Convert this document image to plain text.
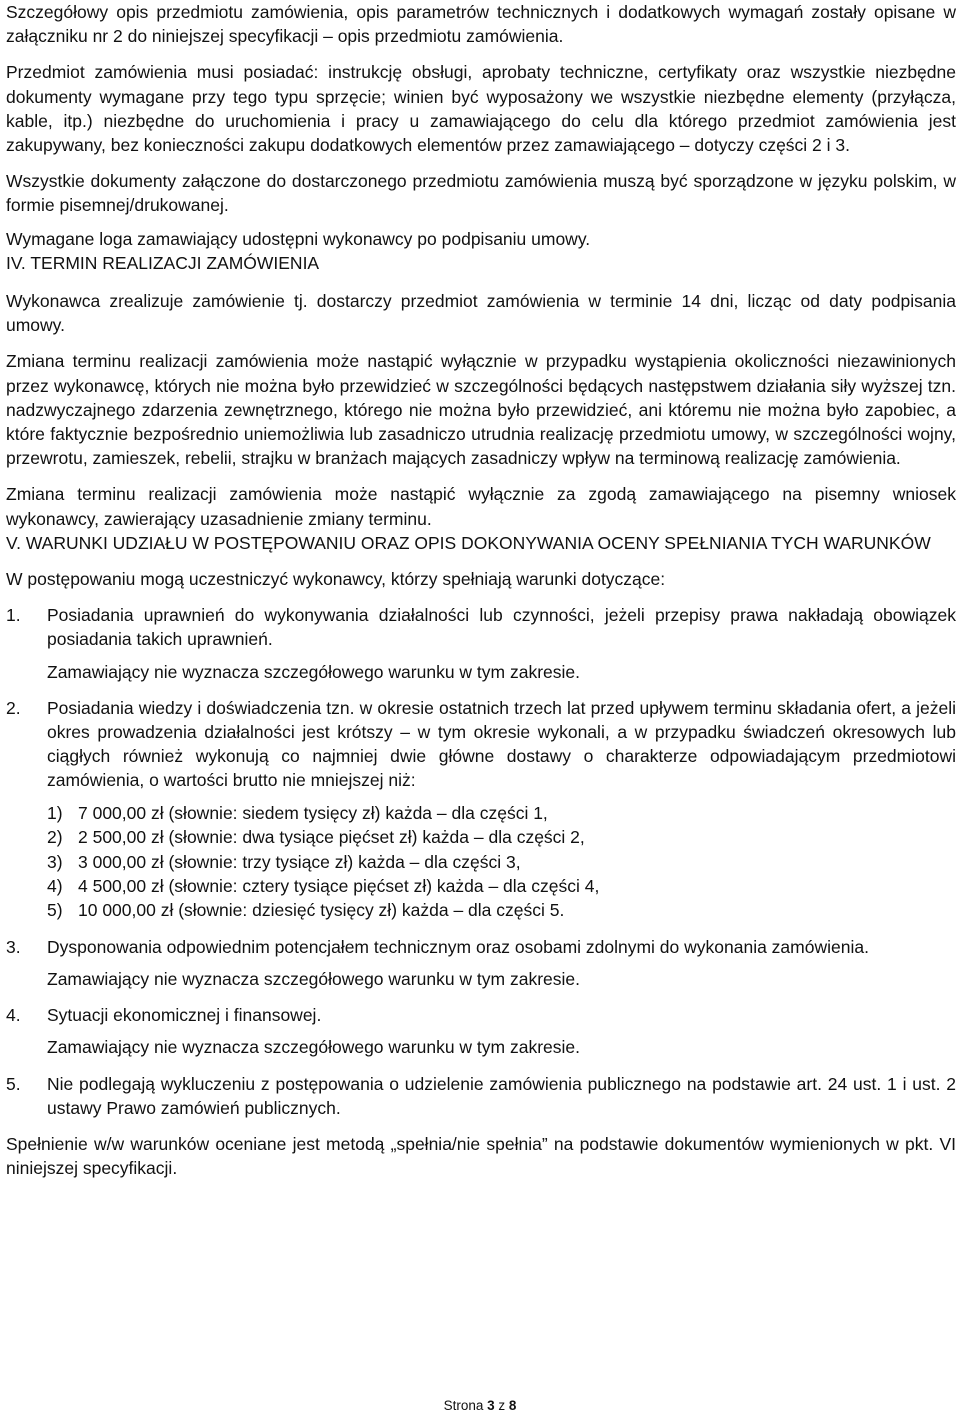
Szczegółowy opis przedmiotu zamówienia, opis parametrów technicznych i dodatkowych wymagań zostały opisane w załączniku nr 2 do niniejszej specyfikacji – opis przedmiotu zamówienia.

Przedmiot zamówienia musi posiadać: instrukcję obsługi, aprobaty techniczne, certyfikaty oraz wszystkie niezbędne dokumenty wymagane przy tego typu sprzęcie; winien być wyposażony we wszystkie niezbędne elementy (przyłącza, kable, itp.) niezbędne do uruchomienia i pracy u zamawiającego do celu dla którego przedmiot zamówienia jest zakupywany, bez konieczności zakupu dodatkowych elementów przez zamawiającego – dotyczy części 2 i 3.

Wszystkie dokumenty załączone do dostarczonego przedmiotu zamówienia muszą być sporządzone w języku polskim, w formie pisemnej/drukowanej.

Wymagane loga zamawiający udostępni wykonawcy po podpisaniu umowy.

IV. TERMIN REALIZACJI ZAMÓWIENIA

Wykonawca zrealizuje zamówienie tj. dostarczy przedmiot zamówienia w terminie 14 dni, licząc od daty podpisania umowy.

Zmiana terminu realizacji zamówienia może nastąpić wyłącznie w przypadku wystąpienia okoliczności niezawinionych przez wykonawcę, których nie można było przewidzieć w szczególności będących następstwem działania siły wyższej tzn. nadzwyczajnego zdarzenia zewnętrznego, którego nie można było przewidzieć, ani któremu nie można było zapobiec, a które faktycznie bezpośrednio uniemożliwia lub zasadniczo utrudnia realizację przedmiotu umowy, w szczególności wojny, przewrotu, zamieszek, rebelii, strajku w branżach mających zasadniczy wpływ na terminową realizację zamówienia.

Zmiana terminu realizacji zamówienia może nastąpić wyłącznie za zgodą zamawiającego na pisemny wniosek wykonawcy, zawierający uzasadnienie zmiany terminu.

V.
WARUNKI UDZIAŁU W POSTĘPOWANIU ORAZ OPIS DOKONYWANIA OCENY SPEŁNIANIA TYCH WARUNKÓW

W postępowaniu mogą uczestniczyć wykonawcy, którzy spełniają warunki dotyczące:

1.	Posiadania uprawnień do wykonywania działalności lub czynności, jeżeli przepisy prawa nakładają obowiązek posiadania takich uprawnień.

Zamawiający nie wyznacza szczegółowego warunku w tym zakresie.

2.	Posiadania wiedzy i doświadczenia tzn. w okresie ostatnich trzech lat przed upływem terminu składania ofert, a jeżeli okres prowadzenia działalności jest krótszy – w tym okresie wykonali, a w przypadku świadczeń okresowych lub ciągłych również wykonują co najmniej dwie główne dostawy o charakterze odpowiadającym przedmiotowi zamówienia, o wartości brutto nie mniejszej niż:

1) 7 000,00 zł (słownie: siedem tysięcy zł) każda – dla części 1,
2) 2 500,00 zł (słownie: dwa tysiące pięćset zł) każda – dla części 2,
3) 3 000,00 zł (słownie: trzy tysiące zł) każda – dla części 3,
4) 4 500,00 zł (słownie: cztery tysiące pięćset zł) każda – dla części 4,
5) 10 000,00 zł (słownie: dziesięć tysięcy zł) każda – dla części 5.
3.	Dysponowania odpowiednim potencjałem technicznym oraz osobami zdolnymi do wykonania zamówienia.

Zamawiający nie wyznacza szczegółowego warunku w tym zakresie.

4.	Sytuacji ekonomicznej i finansowej.

Zamawiający nie wyznacza szczegółowego warunku w tym zakresie.

5.	Nie podlegają wykluczeniu z postępowania o udzielenie zamówienia publicznego na podstawie art. 24 ust. 1 i ust. 2 ustawy Prawo zamówień publicznych.

Spełnienie w/w warunków oceniane jest metodą „spełnia/nie spełnia” na podstawie dokumentów wymienionych w pkt. VI niniejszej specyfikacji.

Strona 3 z 8
